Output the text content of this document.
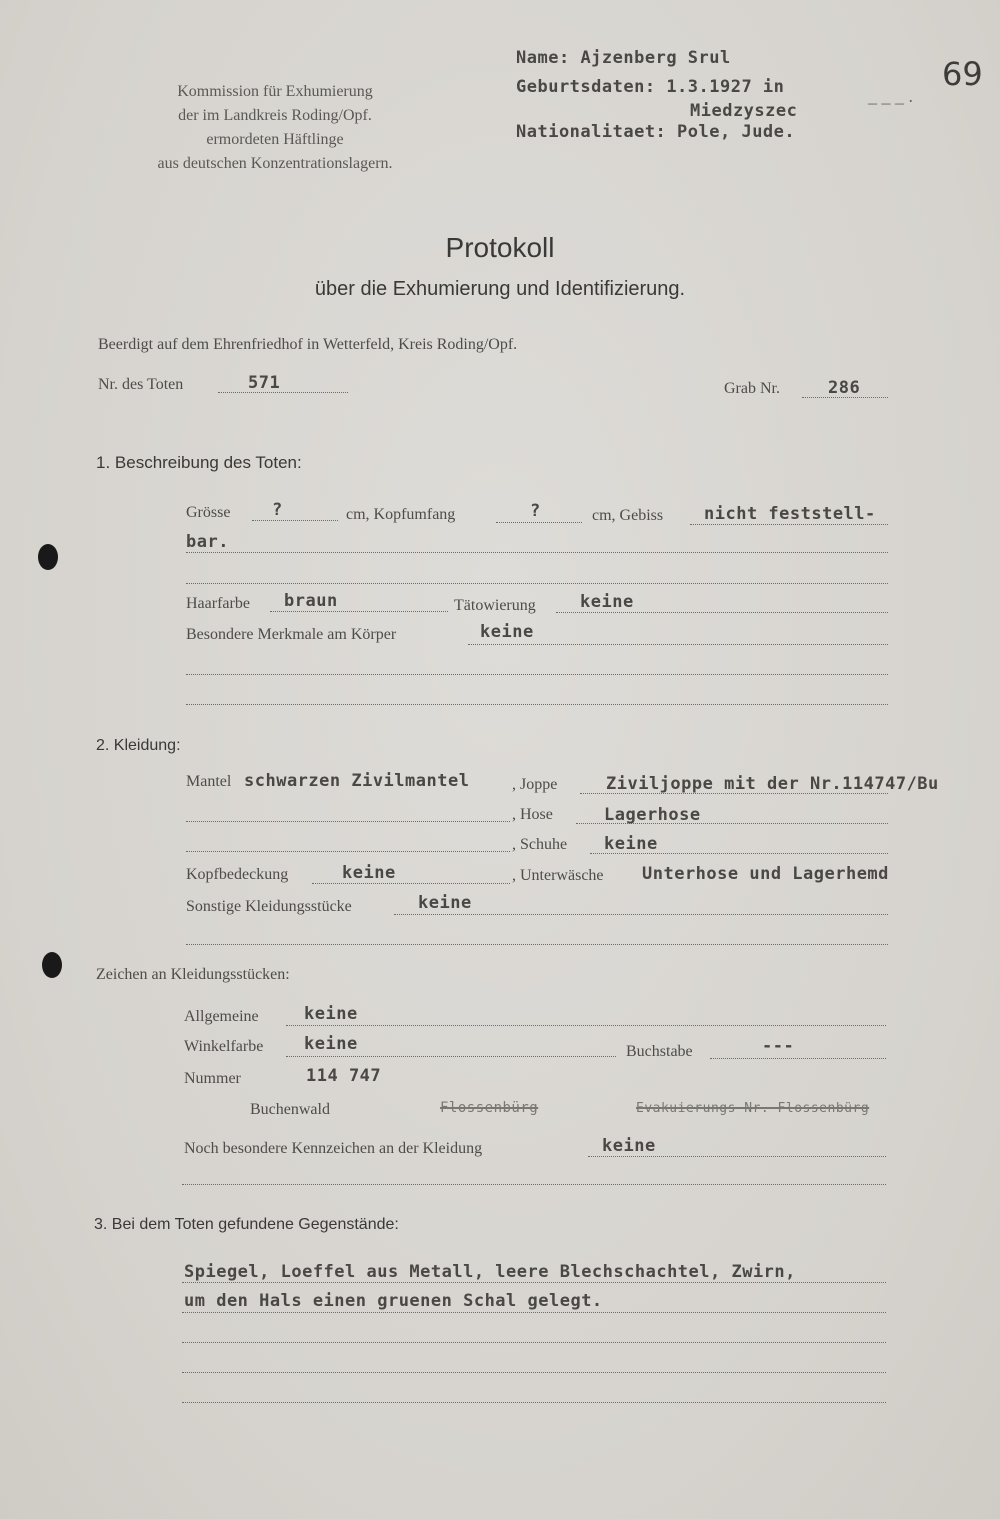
Kommission für Exhumierung
der im Landkreis Roding/Opf.
ermordeten Häftlinge
aus deutschen Konzentrationslagern.
Name: Ajzenberg Srul
Geburtsdaten: 1.3.1927 in
Miedzyszec
Nationalitaet: Pole, Jude.
_ _ _ .
69
Protokoll
über die Exhumierung und Identifizierung.
Beerdigt auf dem Ehrenfriedhof in Wetterfeld, Kreis Roding/Opf.
Nr. des Toten	571	Grab Nr.	286
1. Beschreibung des Toten:
Grösse ?	cm, Kopfumfang	?	cm, Gebiss nicht feststell-
bar.
Haarfarbe braun	Tätowierung	keine
Besondere Merkmale am Körper	keine
2. Kleidung:
Mantel schwarzen Zivilmantel	, Joppe	Ziviljoppe mit der Nr.114747/Bu
, Hose	Lagerhose
, Schuhe keine
Kopfbedeckung	keine	, Unterwäsche Unterhose und Lagerhemd
Sonstige Kleidungsstücke	keine
Zeichen an Kleidungsstücken:
Allgemeine	keine
Winkelfarbe keine	Buchstabe	---
Nummer	114 747
Buchenwald	Flossenbürg	Evakuierungs-Nr. Flossenbürg
Noch besondere Kennzeichen an der Kleidung	keine
3. Bei dem Toten gefundene Gegenstände:
Spiegel, Loeffel aus Metall, leere Blechschachtel, Zwirn,
um den Hals einen gruenen Schal gelegt.
